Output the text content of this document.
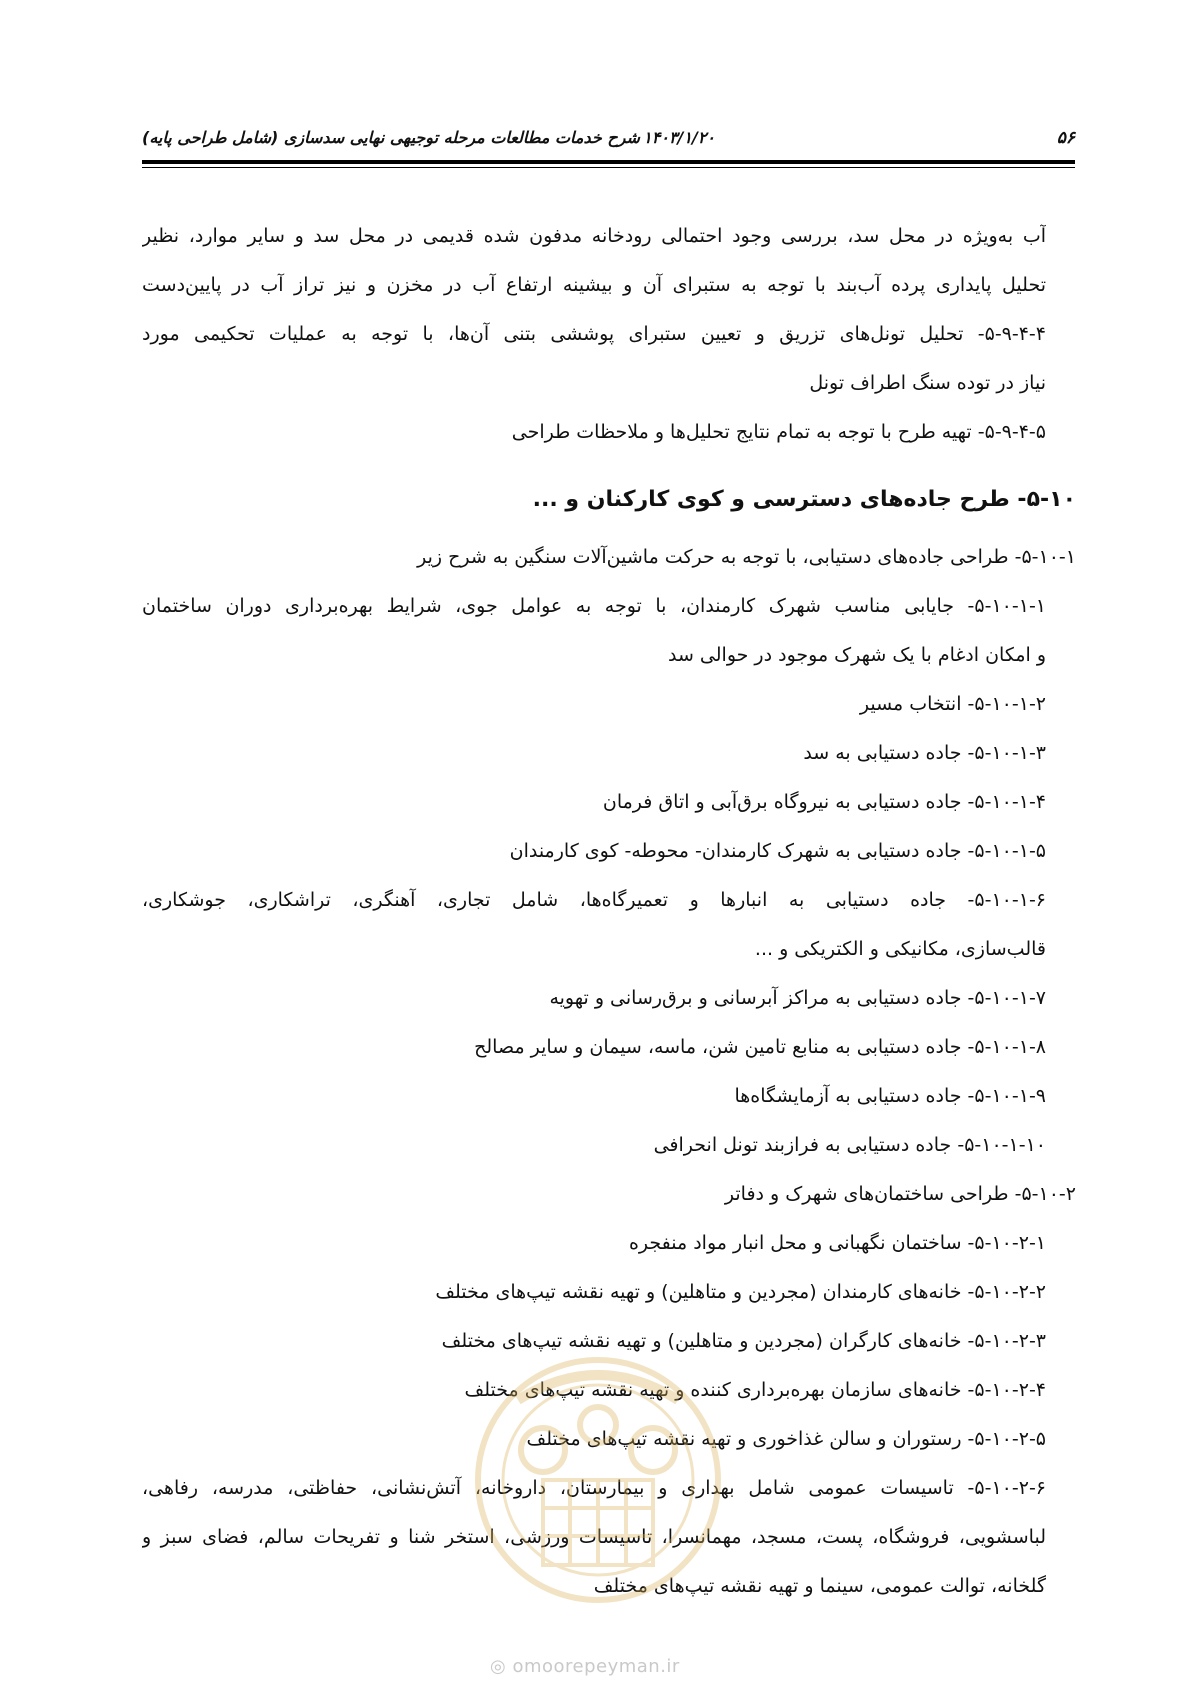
۵۶
۱۴۰۳/۱/۲۰
شرح خدمات مطالعات مرحله توجیهی نهایی سدسازی (شامل طراحی پایه)
آب به‌ویژه در محل سد، بررسی وجود احتمالی رودخانه مدفون شده قدیمی در محل سد و سایر موارد، نظیر
تحلیل پایداری پرده آب‌بند با توجه به ستبرای آن و بیشینه ارتفاع آب در مخزن و نیز تراز آب در پایین‌دست
۵-۹-۴-۴- تحلیل تونل‌های تزریق و تعیین ستبرای پوششی بتنی آن‌ها، با توجه به عملیات تحکیمی مورد
نیاز در توده سنگ اطراف تونل
۵-۹-۴-۵- تهیه طرح با توجه به تمام نتایج تحلیل‌ها و ملاحظات طراحی
۵-۱۰- طرح جاده‌های دسترسی و کوی کارکنان و ...
۵-۱۰-۱- طراحی جاده‌های دستیابی، با توجه به حرکت ماشین‌آلات سنگین به شرح زیر
۵-۱۰-۱-۱- جایابی مناسب شهرک کارمندان، با توجه به عوامل جوی، شرایط بهره‌برداری دوران ساختمان
و امکان ادغام با یک شهرک موجود در حوالی سد
۵-۱۰-۱-۲- انتخاب مسیر
۵-۱۰-۱-۳- جاده دستیابی به سد
۵-۱۰-۱-۴- جاده دستیابی به نیروگاه برق‌آبی و اتاق فرمان
۵-۱۰-۱-۵- جاده دستیابی به شهرک کارمندان- محوطه- کوی کارمندان
۵-۱۰-۱-۶- جاده دستیابی به انبارها و تعمیرگاه‌ها، شامل تجاری، آهنگری، تراشکاری، جوشکاری،
قالب‌سازی، مکانیکی و الکتریکی و ...
۵-۱۰-۱-۷- جاده دستیابی به مراکز آبرسانی و برق‌رسانی و تهویه
۵-۱۰-۱-۸- جاده دستیابی به منابع تامین شن، ماسه، سیمان و سایر مصالح
۵-۱۰-۱-۹- جاده دستیابی به آزمایشگاه‌ها
۵-۱۰-۱-۱۰- جاده دستیابی به فرازبند تونل انحرافی
۵-۱۰-۲- طراحی ساختمان‌های شهرک و دفاتر
۵-۱۰-۲-۱- ساختمان نگهبانی و محل انبار مواد منفجره
۵-۱۰-۲-۲- خانه‌های کارمندان (مجردین و متاهلین) و تهیه نقشه تیپ‌های مختلف
۵-۱۰-۲-۳- خانه‌های کارگران (مجردین و متاهلین) و تهیه نقشه تیپ‌های مختلف
۵-۱۰-۲-۴- خانه‌های سازمان بهره‌برداری کننده و تهیه نقشه تیپ‌های مختلف
۵-۱۰-۲-۵- رستوران و سالن غذاخوری و تهیه نقشه تیپ‌های مختلف
۵-۱۰-۲-۶- تاسیسات عمومی شامل بهداری و بیمارستان، داروخانه، آتش‌نشانی، حفاظتی، مدرسه، رفاهی،
لباسشویی، فروشگاه، پست، مسجد، مهمانسرا، تاسیسات ورزشی، استخر شنا و تفریحات سالم، فضای سبز و
گلخانه، توالت عمومی، سینما و تهیه نقشه تیپ‌های مختلف
◎ omoorepeyman.ir
